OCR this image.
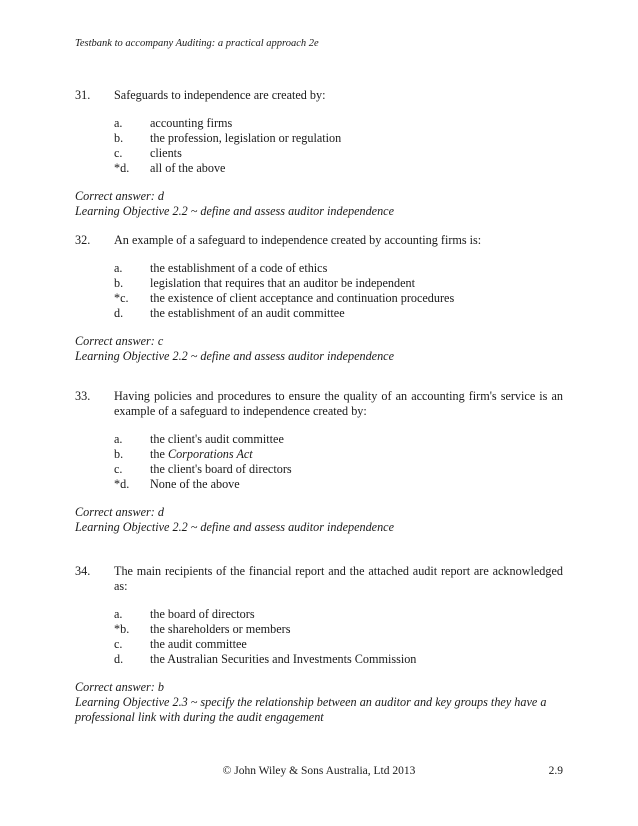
Testbank to accompany Auditing: a practical approach 2e
31.	Safeguards to independence are created by:
a.	accounting firms
b.	the profession, legislation or regulation
c.	clients
*d.	all of the above
Correct answer: d
Learning Objective 2.2 ~ define and assess auditor independence
32.	An example of a safeguard to independence created by accounting firms is:
a.	the establishment of a code of ethics
b.	legislation that requires that an auditor be independent
*c.	the existence of client acceptance and continuation procedures
d.	the establishment of an audit committee
Correct answer: c
Learning Objective 2.2 ~ define and assess auditor independence
33.	Having policies and procedures to ensure the quality of an accounting firm's service is an example of a safeguard to independence created by:
a.	the client's audit committee
b.	the Corporations Act
c.	the client's board of directors
*d.	None of the above
Correct answer: d
Learning Objective 2.2 ~ define and assess auditor independence
34.	The main recipients of the financial report and the attached audit report are acknowledged as:
a.	the board of directors
*b.	the shareholders or members
c.	the audit committee
d.	the Australian Securities and Investments Commission
Correct answer: b
Learning Objective 2.3 ~ specify the relationship between an auditor and key groups they have a professional link with during the audit engagement
© John Wiley & Sons Australia, Ltd 2013	2.9
